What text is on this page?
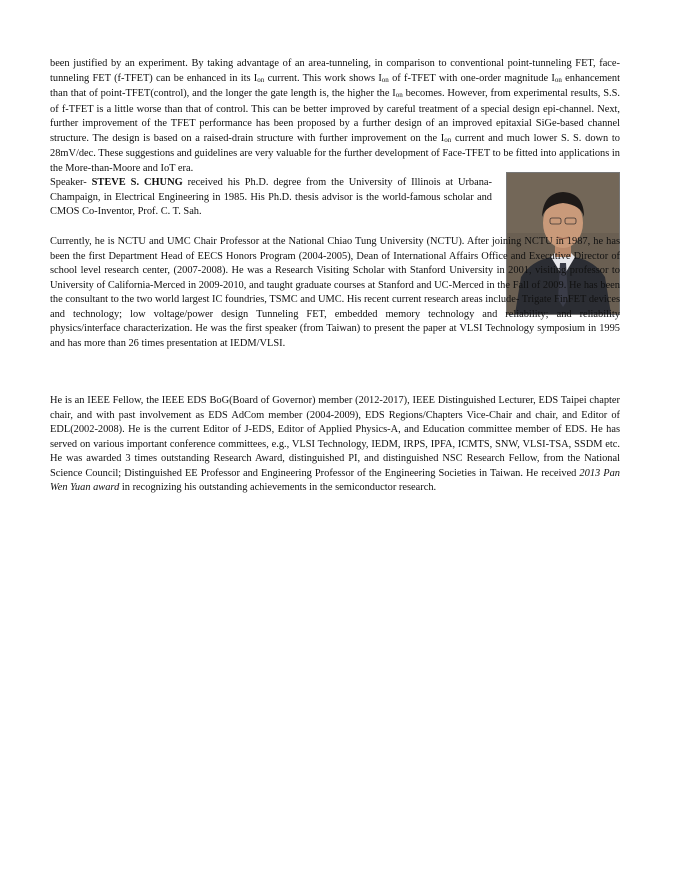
been justified by an experiment. By taking advantage of an area-tunneling, in comparison to conventional point-tunneling FET, face-tunneling FET (f-TFET) can be enhanced in its Ion current. This work shows Ion of f-TFET with one-order magnitude Ion enhancement than that of point-TFET(control), and the longer the gate length is, the higher the Ion becomes. However, from experimental results, S.S. of f-TFET is a little worse than that of control. This can be better improved by careful treatment of a special design epi-channel. Next, further improvement of the TFET performance has been proposed by a further design of an improved epitaxial SiGe-based channel structure. The design is based on a raised-drain structure with further improvement on the Ion current and much lower S. S. down to 28mV/dec. These suggestions and guidelines are very valuable for the further development of Face-TFET to be fitted into applications in the More-than-Moore and IoT era.

Speaker- STEVE S. CHUNG received his Ph.D. degree from the University of Illinois at Urbana-Champaign, in Electrical Engineering in 1985. His Ph.D. thesis advisor is the world-famous scholar and CMOS Co-Inventor, Prof. C. T. Sah.

Currently, he is NCTU and UMC Chair Professor at the National Chiao Tung University (NCTU). After joining NCTU in 1987, he has been the first Department Head of EECS Honors Program (2004-2005), Dean of International Affairs Office and Executive Director of school level research center, (2007-2008). He was a Research Visiting Scholar with Stanford University in 2001, visiting professor to University of California-Merced in 2009-2010, and taught graduate courses at Stanford and UC-Merced in the Fall of 2009. He has been the consultant to the two world largest IC foundries, TSMC and UMC. His recent current research areas include- Trigate FinFET devices and technology; low voltage/power design Tunneling FET, embedded memory technology and reliability; and reliability physics/interface characterization. He was the first speaker (from Taiwan) to present the paper at VLSI Technology symposium in 1995 and has more than 26 times presentation at IEDM/VLSI.

He is an IEEE Fellow, the IEEE EDS BoG(Board of Governor) member (2012-2017), IEEE Distinguished Lecturer, EDS Taipei chapter chair, and with past involvement as EDS AdCom member (2004-2009), EDS Regions/Chapters Vice-Chair and chair, and Editor of EDL(2002-2008). He is the current Editor of J-EDS, Editor of Applied Physics-A, and Education committee member of EDS. He has served on various important conference committees, e.g., VLSI Technology, IEDM, IRPS, IPFA, ICMTS, SNW, VLSI-TSA, SSDM etc. He was awarded 3 times outstanding Research Award, distinguished PI, and distinguished NSC Research Fellow, from the National Science Council; Distinguished EE Professor and Engineering Professor of the Engineering Societies in Taiwan. He received 2013 Pan Wen Yuan award in recognizing his outstanding achievements in the semiconductor research.
